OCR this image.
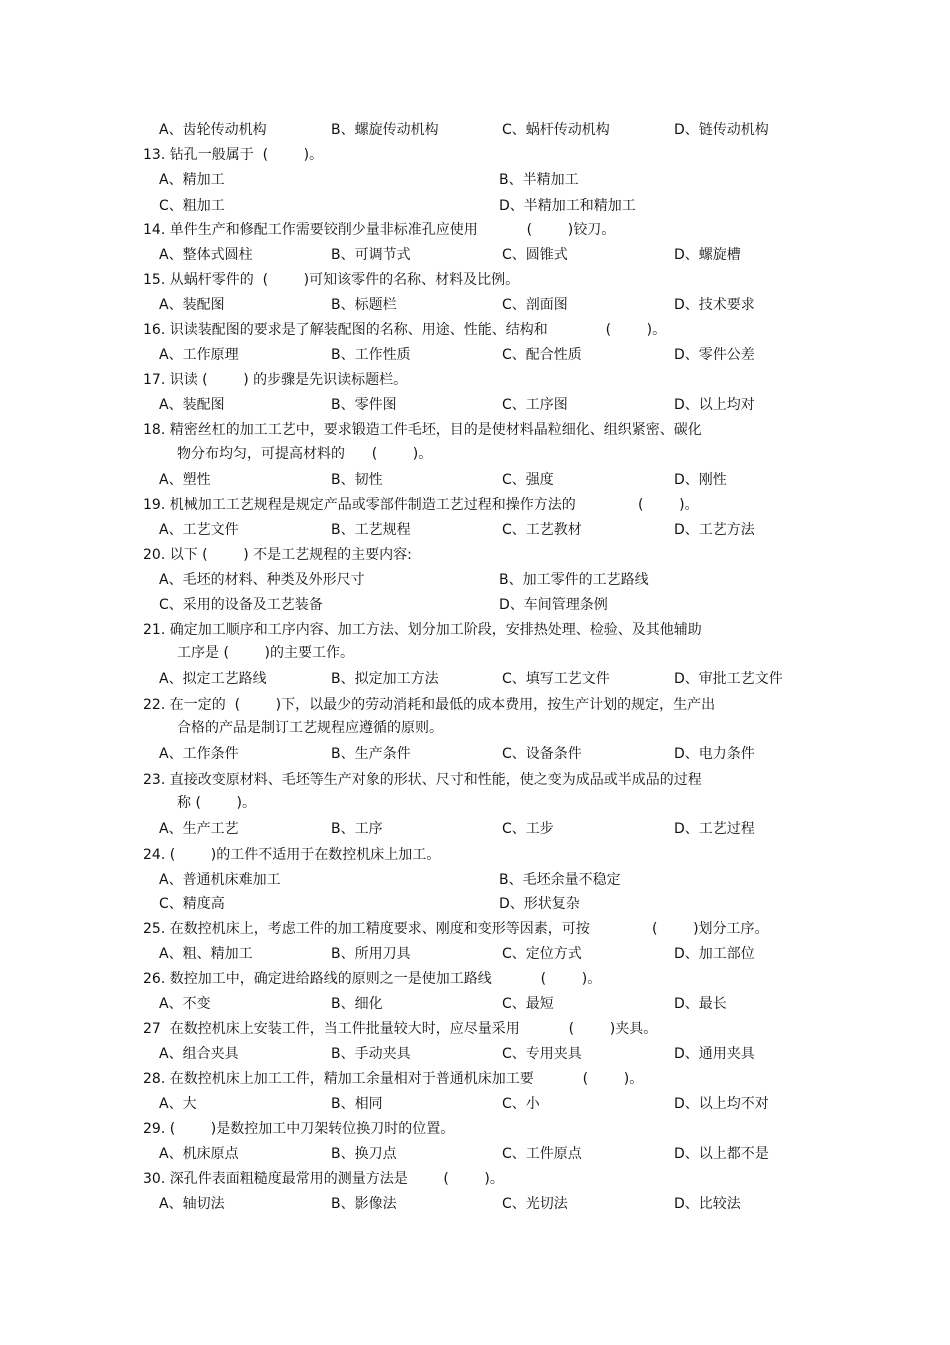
A、齿轮传动机构	B、螺旋传动机构	C、蜗杆传动机构	D、链传动机构
13. 钻孔一般属于  (        )。
A、精加工	B、半精加工
C、粗加工	D、半精加工和精加工
14. 单件生产和修配工作需要铰削少量非标准孔应使用           (        )铰刀。
A、整体式圆柱	B、可调节式	C、圆锥式	D、螺旋槽
15. 从蜗杆零件的  (        )可知该零件的名称、材料及比例。
A、装配图	B、标题栏	C、剖面图	D、技术要求
16. 识读装配图的要求是了解装配图的名称、用途、性能、结构和             (        )。
A、工作原理	B、工作性质	C、配合性质	D、零件公差
17. 识读 (        ) 的步骤是先识读标题栏。
A、装配图	B、零件图	C、工序图	D、以上均对
18. 精密丝杠的加工工艺中，要求锻造工件毛坯，目的是使材料晶粒细化、组织紧密、碳化
物分布均匀，可提高材料的      (        )。
A、塑性	B、韧性	C、强度	D、刚性
19. 机械加工工艺规程是规定产品或零部件制造工艺过程和操作方法的              (        )。
A、工艺文件	B、工艺规程	C、工艺教材	D、工艺方法
20. 以下 (        ) 不是工艺规程的主要内容:
A、毛坯的材料、种类及外形尺寸	B、加工零件的工艺路线
C、采用的设备及工艺装备	D、车间管理条例
21. 确定加工顺序和工序内容、加工方法、划分加工阶段，安排热处理、检验、及其他辅助
工序是 (        )的主要工作。
A、拟定工艺路线	B、拟定加工方法	C、填写工艺文件	D、审批工艺文件
22. 在一定的  (        )下，以最少的劳动消耗和最低的成本费用，按生产计划的规定，生产出
合格的产品是制订工艺规程应遵循的原则。
A、工作条件	B、生产条件	C、设备条件	D、电力条件
23. 直接改变原材料、毛坯等生产对象的形状、尺寸和性能，使之变为成品或半成品的过程
称 (        )。
A、生产工艺	B、工序	C、工步	D、工艺过程
24. (        )的工件不适用于在数控机床上加工。
A、普通机床难加工	B、毛坯余量不稳定
C、精度高	D、形状复杂
25. 在数控机床上，考虑工件的加工精度要求、刚度和变形等因素，可按              (        )划分工序。
A、粗、精加工	B、所用刀具	C、定位方式	D、加工部位
26. 数控加工中，确定进给路线的原则之一是使加工路线           (        )。
A、不变	B、细化	C、最短	D、最长
27  在数控机床上安装工件，当工件批量较大时，应尽量采用           (        )夹具。
A、组合夹具	B、手动夹具	C、专用夹具	D、通用夹具
28. 在数控机床上加工工件，精加工余量相对于普通机床加工要           (        )。
A、大	B、相同	C、小	D、以上均不对
29. (        )是数控加工中刀架转位换刀时的位置。
A、机床原点	B、换刀点	C、工件原点	D、以上都不是
30. 深孔件表面粗糙度最常用的测量方法是        (        )。
A、轴切法	B、影像法	C、光切法	D、比较法
